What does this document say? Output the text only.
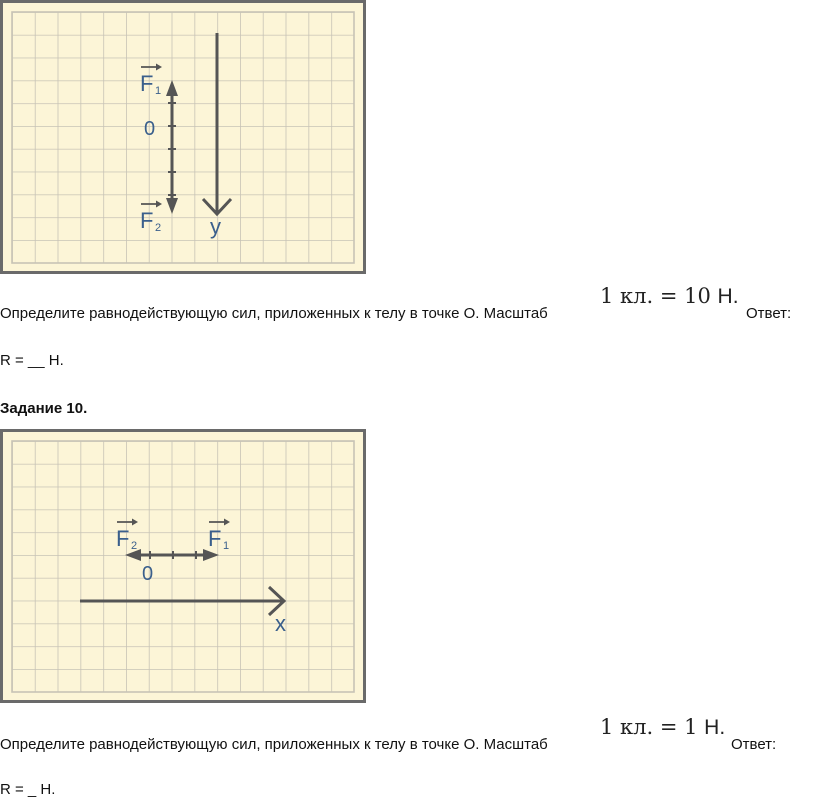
y
F 1
0
F 2
Определите равнодействующую сил, приложенных к телу в точке О. Масштаб
1 кл. = 10 Н.
Ответ:
R = __ Н.
Задание 10.
x
F 2	F 1
0
Определите равнодействующую сил, приложенных к телу в точке О. Масштаб
1 кл. = 1 Н.
Ответ:
R = _ Н.
